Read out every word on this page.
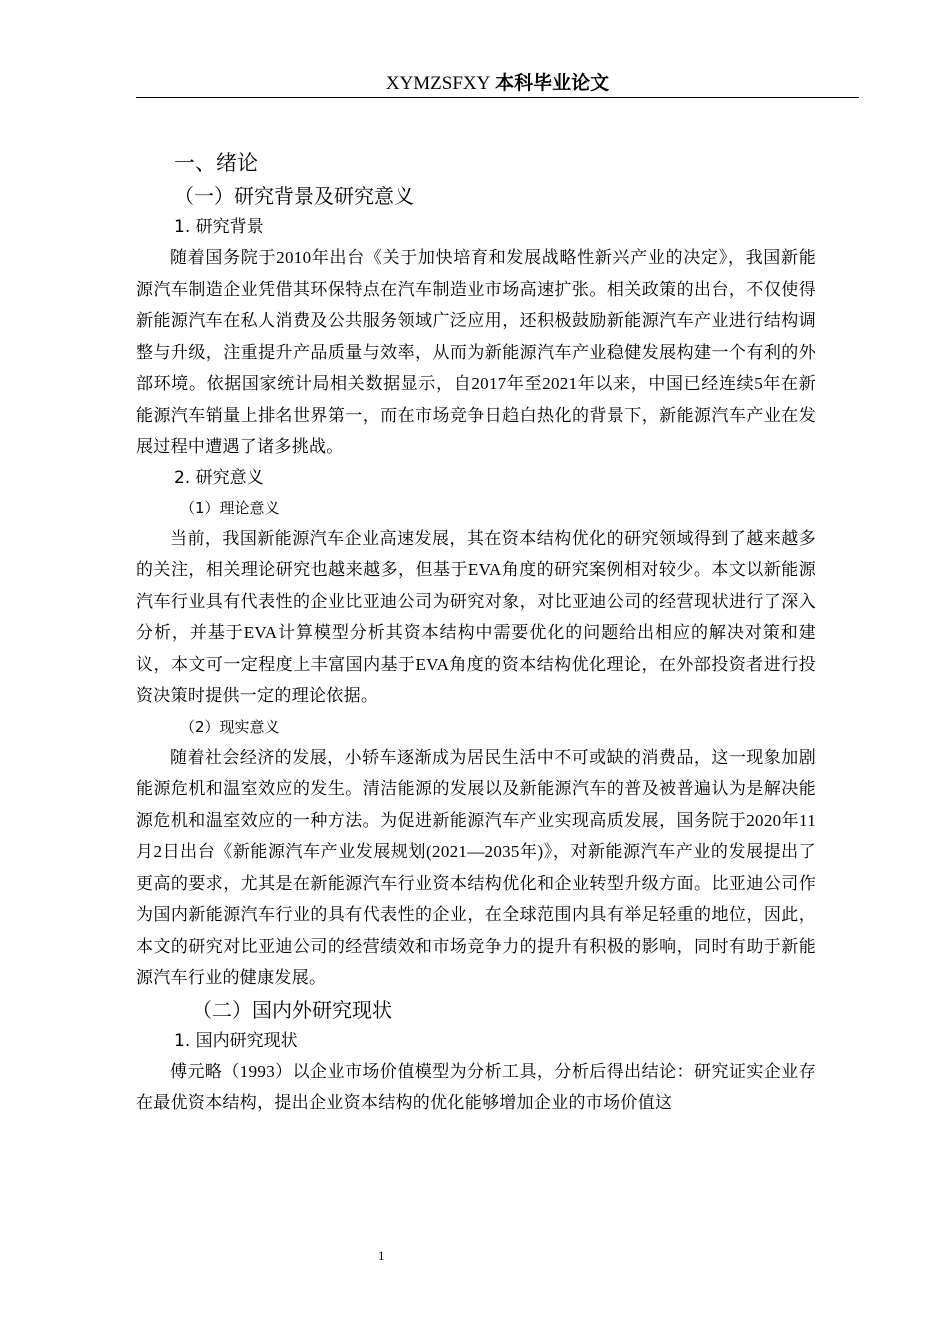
XYMZSFXY 本科毕业论文
一、绪论
（一）研究背景及研究意义
1. 研究背景

随着国务院于2010年出台《关于加快培育和发展战略性新兴产业的决定》，我国新能源汽车制造企业凭借其环保特点在汽车制造业市场高速扩张。相关政策的出台，不仅使得新能源汽车在私人消费及公共服务领域广泛应用，还积极鼓励新能源汽车产业进行结构调整与升级，注重提升产品质量与效率，从而为新能源汽车产业稳健发展构建一个有利的外部环境。依据国家统计局相关数据显示，自2017年至2021年以来，中国已经连续5年在新能源汽车销量上排名世界第一，而在市场竞争日趋白热化的背景下，新能源汽车产业在发展过程中遭遇了诸多挑战。

2. 研究意义
（1）理论意义

当前，我国新能源汽车企业高速发展，其在资本结构优化的研究领域得到了越来越多的关注，相关理论研究也越来越多，但基于EVA角度的研究案例相对较少。本文以新能源汽车行业具有代表性的企业比亚迪公司为研究对象，对比亚迪公司的经营现状进行了深入分析，并基于EVA计算模型分析其资本结构中需要优化的问题给出相应的解决对策和建议，本文可一定程度上丰富国内基于EVA角度的资本结构优化理论，在外部投资者进行投资决策时提供一定的理论依据。

（2）现实意义

随着社会经济的发展，小轿车逐渐成为居民生活中不可或缺的消费品，这一现象加剧能源危机和温室效应的发生。清洁能源的发展以及新能源汽车的普及被普遍认为是解决能源危机和温室效应的一种方法。为促进新能源汽车产业实现高质发展，国务院于2020年11月2日出台《新能源汽车产业发展规划(2021—2035年)》，对新能源汽车产业的发展提出了更高的要求，尤其是在新能源汽车行业资本结构优化和企业转型升级方面。比亚迪公司作为国内新能源汽车行业的具有代表性的企业，在全球范围内具有举足轻重的地位，因此，本文的研究对比亚迪公司的经营绩效和市场竞争力的提升有积极的影响，同时有助于新能源汽车行业的健康发展。

（二）国内外研究现状
1. 国内研究现状

傅元略（1993）以企业市场价值模型为分析工具，分析后得出结论：研究证实企业存在最优资本结构，提出企业资本结构的优化能够增加企业的市场价值这

1
